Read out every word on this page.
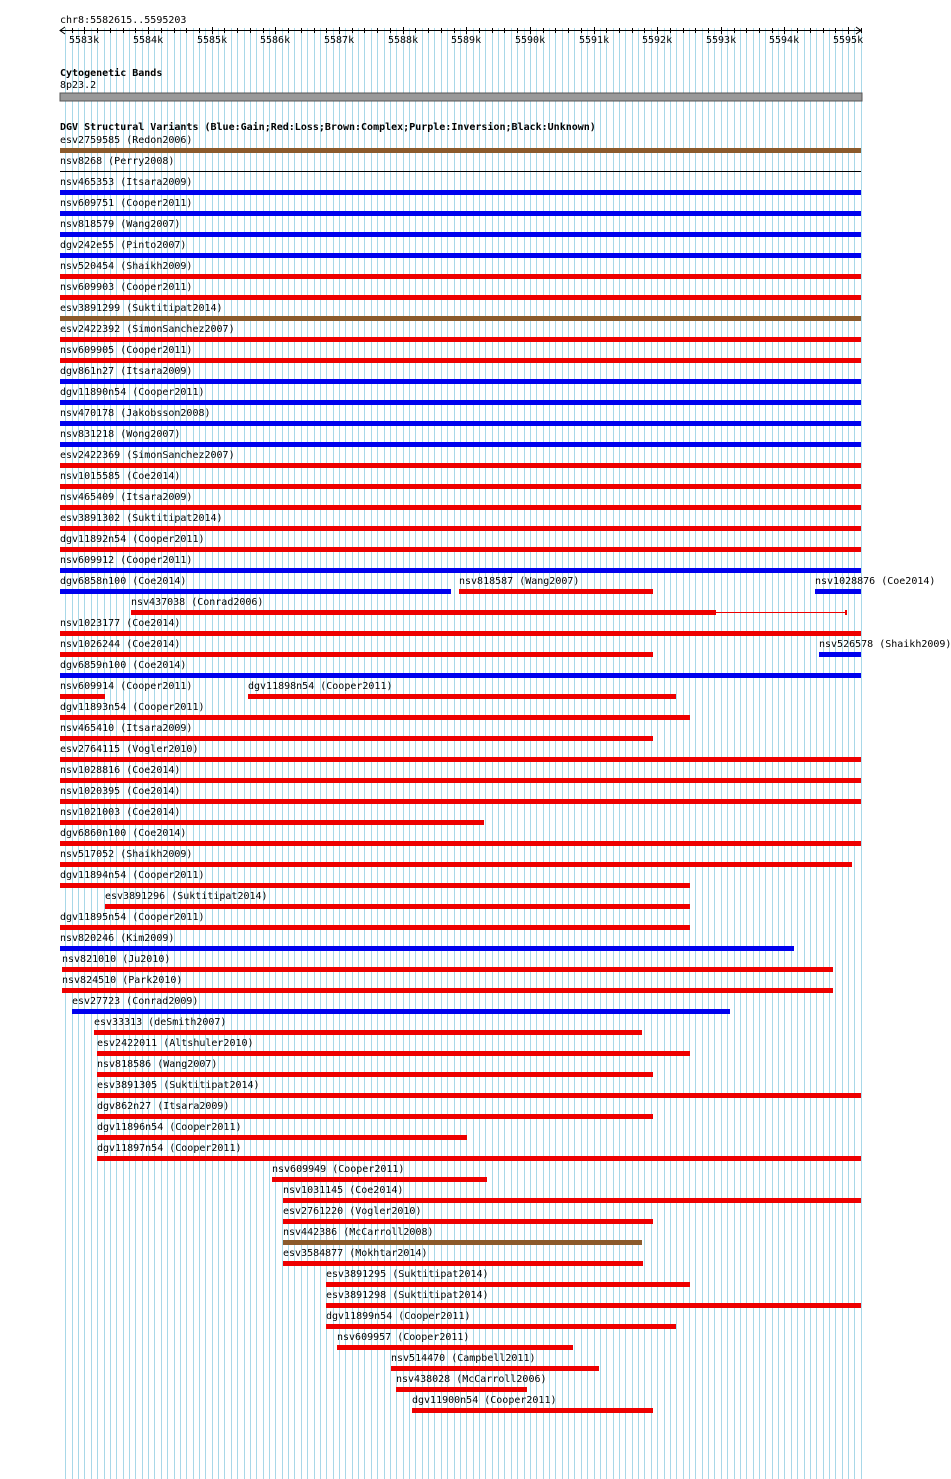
chr8:5582615..5595203
5583k	5584k	5585k	5586k	5587k	5588k	5589k	5590k	5591k	5592k	5593k	5594k	5595k
Cytogenetic Bands
8p23.2
DGV Structural Variants (Blue:Gain;Red:Loss;Brown:Complex;Purple:Inversion;Black:Unknown)
esv2759585 (Redon2006)
nsv8268 (Perry2008)
nsv465353 (Itsara2009)
nsv609751 (Cooper2011)
nsv818579 (Wang2007)
dgv242e55 (Pinto2007)
nsv520454 (Shaikh2009)
nsv609903 (Cooper2011)
esv3891299 (Suktitipat2014)
esv2422392 (SimonSanchez2007)
nsv609905 (Cooper2011)
dgv861n27 (Itsara2009)
dgv11890n54 (Cooper2011)
nsv470178 (Jakobsson2008)
nsv831218 (Wong2007)
esv2422369 (SimonSanchez2007)
nsv1015585 (Coe2014)
nsv465409 (Itsara2009)
esv3891302 (Suktitipat2014)
dgv11892n54 (Cooper2011)
nsv609912 (Cooper2011)
dgv6858n100 (Coe2014)	nsv818587 (Wang2007)	nsv1028876 (Coe2014)
nsv437038 (Conrad2006)
nsv1023177 (Coe2014)
nsv1026244 (Coe2014)	nsv526578 (Shaikh2009)
dgv6859n100 (Coe2014)
nsv609914 (Cooper2011)	dgv11898n54 (Cooper2011)
dgv11893n54 (Cooper2011)
nsv465410 (Itsara2009)
esv2764115 (Vogler2010)
nsv1028816 (Coe2014)
nsv1020395 (Coe2014)
nsv1021003 (Coe2014)
dgv6860n100 (Coe2014)
nsv517052 (Shaikh2009)
dgv11894n54 (Cooper2011)
esv3891296 (Suktitipat2014)
dgv11895n54 (Cooper2011)
nsv820246 (Kim2009)
nsv821010 (Ju2010)
nsv824510 (Park2010)
esv27723 (Conrad2009)
esv33313 (deSmith2007)
esv2422011 (Altshuler2010)
nsv818586 (Wang2007)
esv3891305 (Suktitipat2014)
dgv862n27 (Itsara2009)
dgv11896n54 (Cooper2011)
dgv11897n54 (Cooper2011)
nsv609949 (Cooper2011)
nsv1031145 (Coe2014)
esv2761220 (Vogler2010)
nsv442386 (McCarroll2008)
esv3584877 (Mokhtar2014)
esv3891295 (Suktitipat2014)
esv3891298 (Suktitipat2014)
dgv11899n54 (Cooper2011)
nsv609957 (Cooper2011)
nsv514470 (Campbell2011)
nsv438028 (McCarroll2006)
dgv11900n54 (Cooper2011)
